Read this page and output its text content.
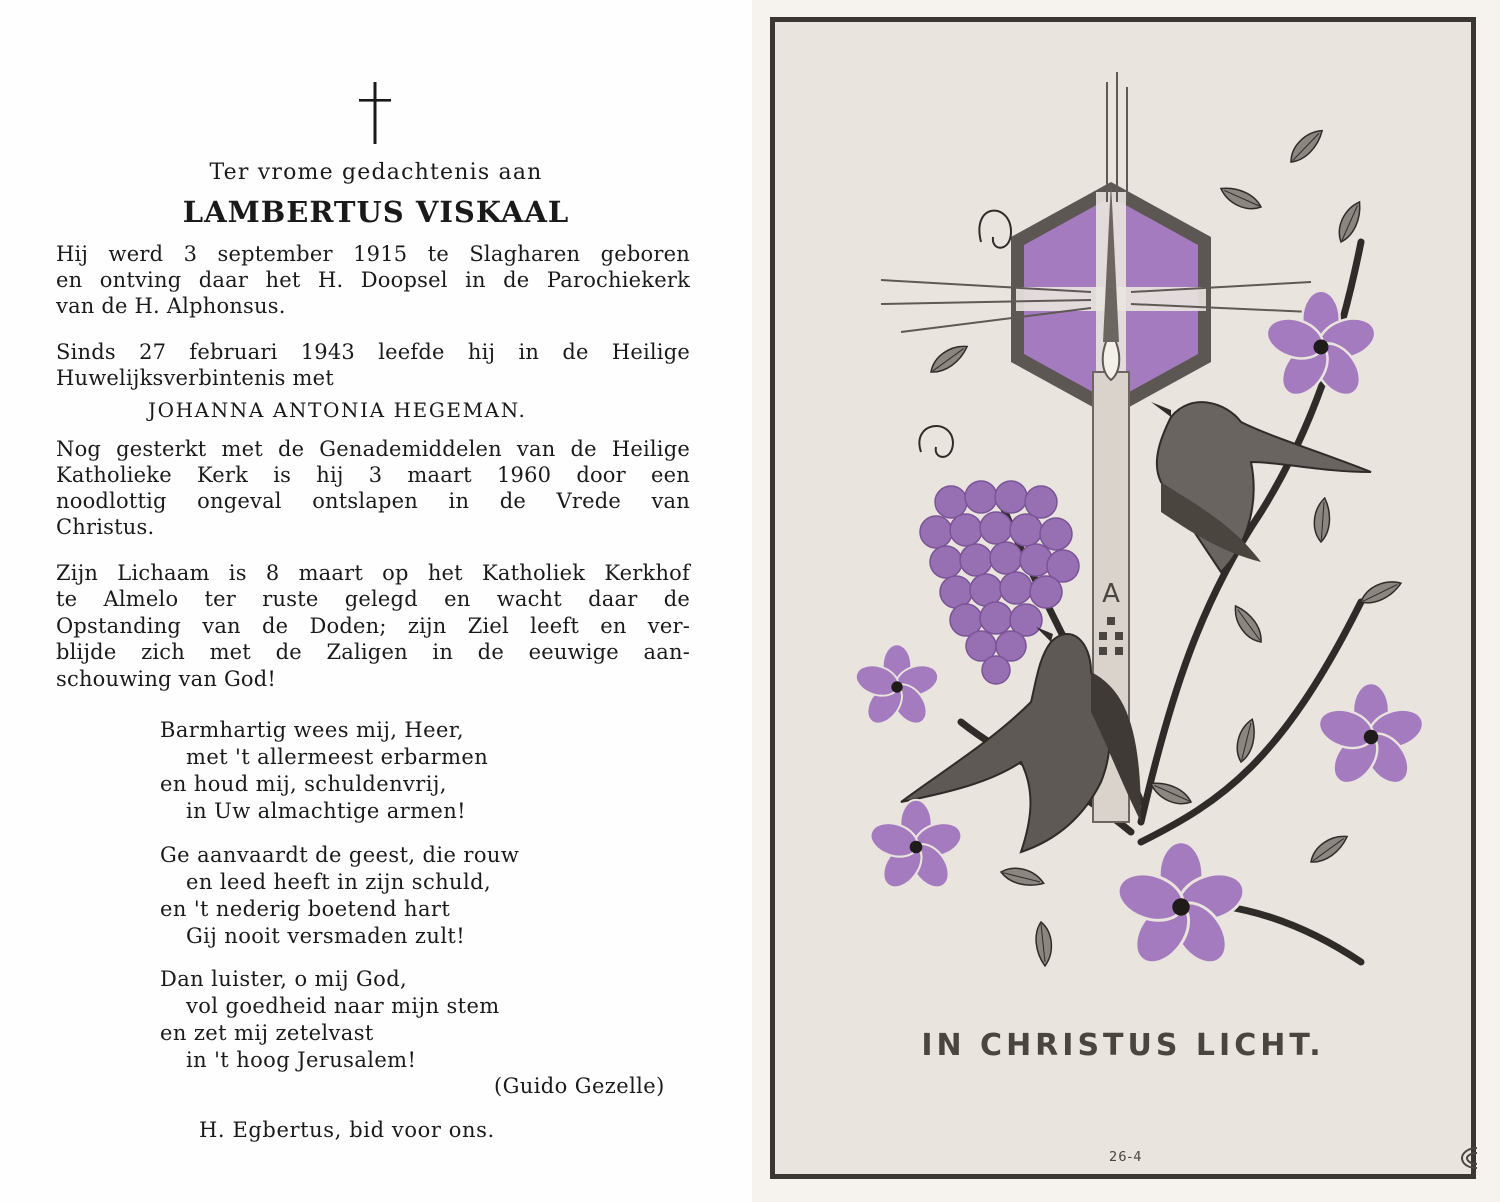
Ter vrome gedachtenis aan
LAMBERTUS VISKAAL
Hij werd 3 september 1915 te Slagharen geboren
en ontving daar het H. Doopsel in de Parochiekerk
van de H. Alphonsus.
Sinds 27 februari 1943 leefde hij in de Heilige
Huwelijksverbintenis met
JOHANNA ANTONIA HEGEMAN.
Nog gesterkt met de Genademiddelen van de Heilige
Katholieke Kerk is hij 3 maart 1960 door een
noodlottig ongeval ontslapen in de Vrede van
Christus.
Zijn Lichaam is 8 maart op het Katholiek Kerkhof
te Almelo ter ruste gelegd en wacht daar de
Opstanding van de Doden; zijn Ziel leeft en ver-
blijde zich met de Zaligen in de eeuwige aan-
schouwing van God!
Barmhartig wees mij, Heer,
met 't allermeest erbarmen
en houd mij, schuldenvrij,
in Uw almachtige armen!
Ge aanvaardt de geest, die rouw
en leed heeft in zijn schuld,
en 't nederig boetend hart
Gij nooit versmaden zult!
Dan luister, o mij God,
vol goedheid naar mijn stem
en zet mij zetelvast
in 't hoog Jerusalem!
(Guido Gezelle)
H. Egbertus, bid voor ons.
A
IN CHRISTUS LICHT.
26-4
